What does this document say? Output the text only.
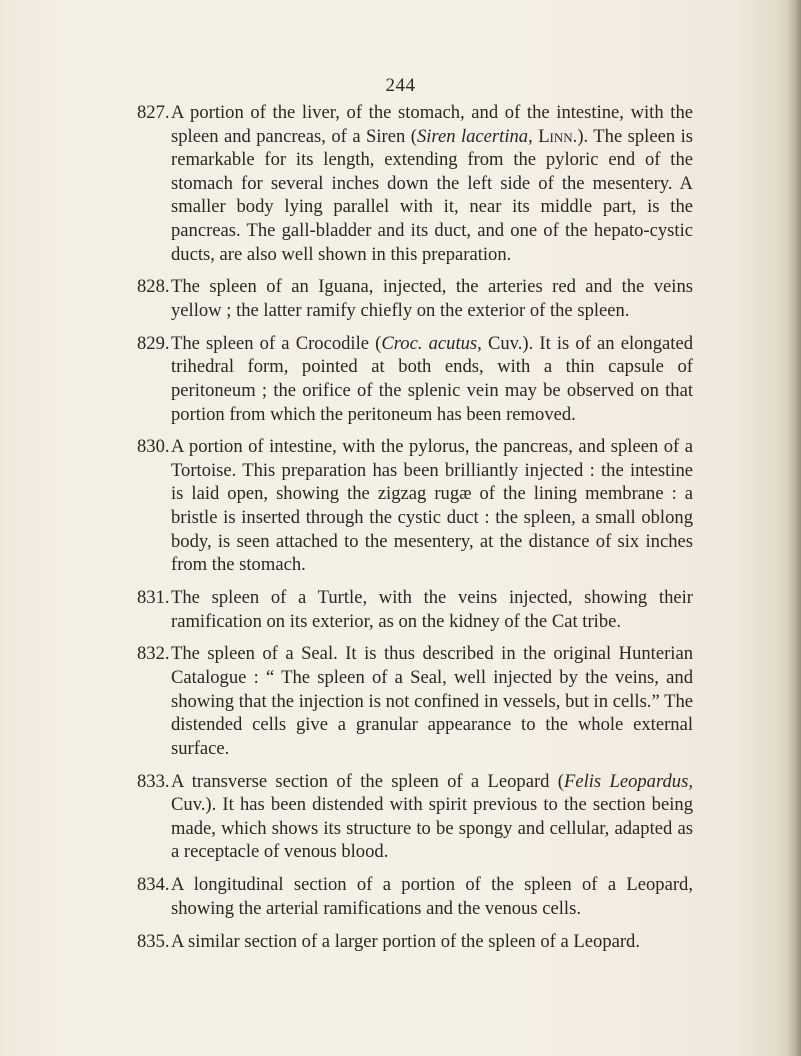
244

827.A portion of the liver, of the stomach, and of the intestine, with the spleen and pancreas, of a Siren (Siren lacertina, Linn.). The spleen is remarkable for its length, extending from the pyloric end of the stomach for several inches down the left side of the mesentery. A smaller body lying parallel with it, near its middle part, is the pancreas. The gall-bladder and its duct, and one of the hepato-cystic ducts, are also well shown in this preparation.

828.The spleen of an Iguana, injected, the arteries red and the veins yellow ; the latter ramify chiefly on the exterior of the spleen.

829.The spleen of a Crocodile (Croc. acutus, Cuv.). It is of an elongated trihedral form, pointed at both ends, with a thin capsule of peritoneum ; the orifice of the splenic vein may be observed on that portion from which the peritoneum has been removed.

830.A portion of intestine, with the pylorus, the pancreas, and spleen of a Tortoise. This preparation has been brilliantly injected : the intestine is laid open, showing the zigzag rugæ of the lining membrane : a bristle is inserted through the cystic duct : the spleen, a small oblong body, is seen attached to the mesentery, at the distance of six inches from the stomach.

831.The spleen of a Turtle, with the veins injected, showing their ramification on its exterior, as on the kidney of the Cat tribe.

832.The spleen of a Seal. It is thus described in the original Hunterian Catalogue : “ The spleen of a Seal, well injected by the veins, and showing that the injection is not confined in vessels, but in cells.” The distended cells give a granular appearance to the whole external surface.

833.A transverse section of the spleen of a Leopard (Felis Leopardus, Cuv.). It has been distended with spirit previous to the section being made, which shows its structure to be spongy and cellular, adapted as a receptacle of venous blood.

834.A longitudinal section of a portion of the spleen of a Leopard, showing the arterial ramifications and the venous cells.

835.A similar section of a larger portion of the spleen of a Leopard.
